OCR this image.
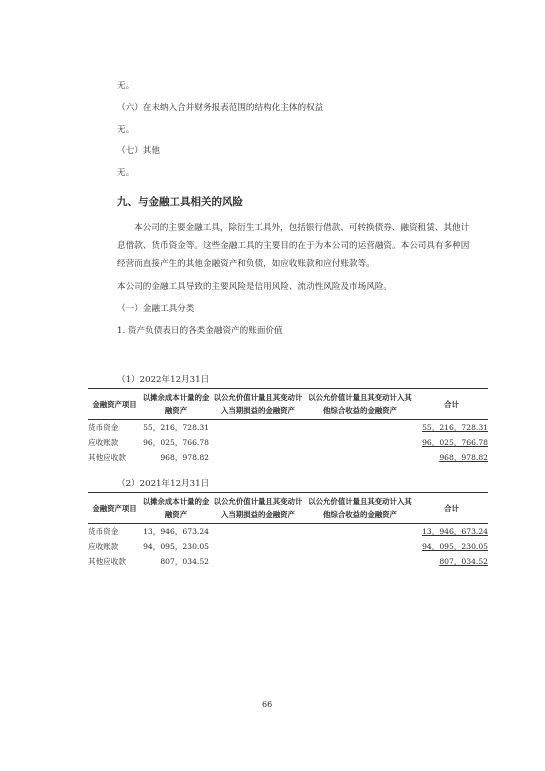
无。
（六）在未纳入合并财务报表范围的结构化主体的权益
无。
（七）其他
无。
九、与金融工具相关的风险
本公司的主要金融工具，除衍生工具外，包括银行借款、可转换债券、融资租赁、其他计
息借款、货币资金等。这些金融工具的主要目的在于为本公司的运营融资。本公司具有多种因
经营而直接产生的其他金融资产和负债，如应收账款和应付账款等。
本公司的金融工具导致的主要风险是信用风险、流动性风险及市场风险。
（一）金融工具分类
1. 资产负债表日的各类金融资产的账面价值
（1）2022年12月31日
金融资产项目	以摊余成本计量的金融资产	以公允价值计量且其变动计入当期损益的金融资产	以公允价值计量且其变动计入其他综合收益的金融资产	合计
货币资金	55，216，728.31			55，216，728.31
应收账款	96，025，766.78			96，025，766.78
其他应收款	968，978.82			968，978.82
（2）2021年12月31日
金融资产项目	以摊余成本计量的金融资产	以公允价值计量且其变动计入当期损益的金融资产	以公允价值计量且其变动计入其他综合收益的金融资产	合计
货币资金	13，946，673.24			13，946，673.24
应收账款	94，095，230.05			94，095，230.05
其他应收款	807，034.52			807，034.52
66
